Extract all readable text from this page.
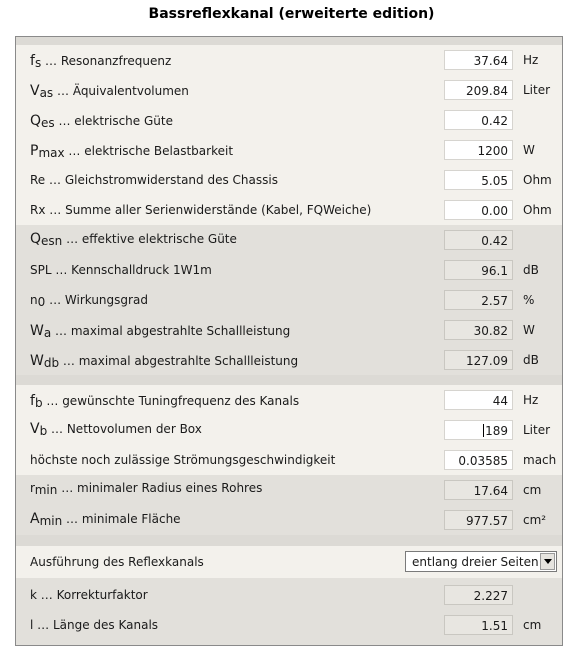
Bassreflexkanal (erweiterte edition)
fs … Resonanzfrequenz	37.64	Hz
Vas … Äquivalentvolumen	209.84	Liter
Qes … elektrische Güte	0.42
Pmax … elektrische Belastbarkeit	1200	W
Re … Gleichstromwiderstand des Chassis	5.05	Ohm
Rx … Summe aller Serienwiderstände (Kabel, FQWeiche)	0.00	Ohm
Qesn … effektive elektrische Güte	0.42
SPL … Kennschalldruck 1W1m	96.1	dB
n0 … Wirkungsgrad	2.57	%
Wa … maximal abgestrahlte Schallleistung	30.82	W
Wdb … maximal abgestrahlte Schallleistung	127.09	dB
fb … gewünschte Tuningfrequenz des Kanals	44	Hz
Vb … Nettovolumen der Box	189	Liter
höchste noch zulässige Strömungsgeschwindigkeit	0.03585	mach
rmin … minimaler Radius eines Rohres	17.64	cm
Amin … minimale Fläche	977.57	cm²
Ausführung des Reflexkanals	entlang dreier Seiten
k … Korrekturfaktor	2.227
l … Länge des Kanals	1.51	cm
